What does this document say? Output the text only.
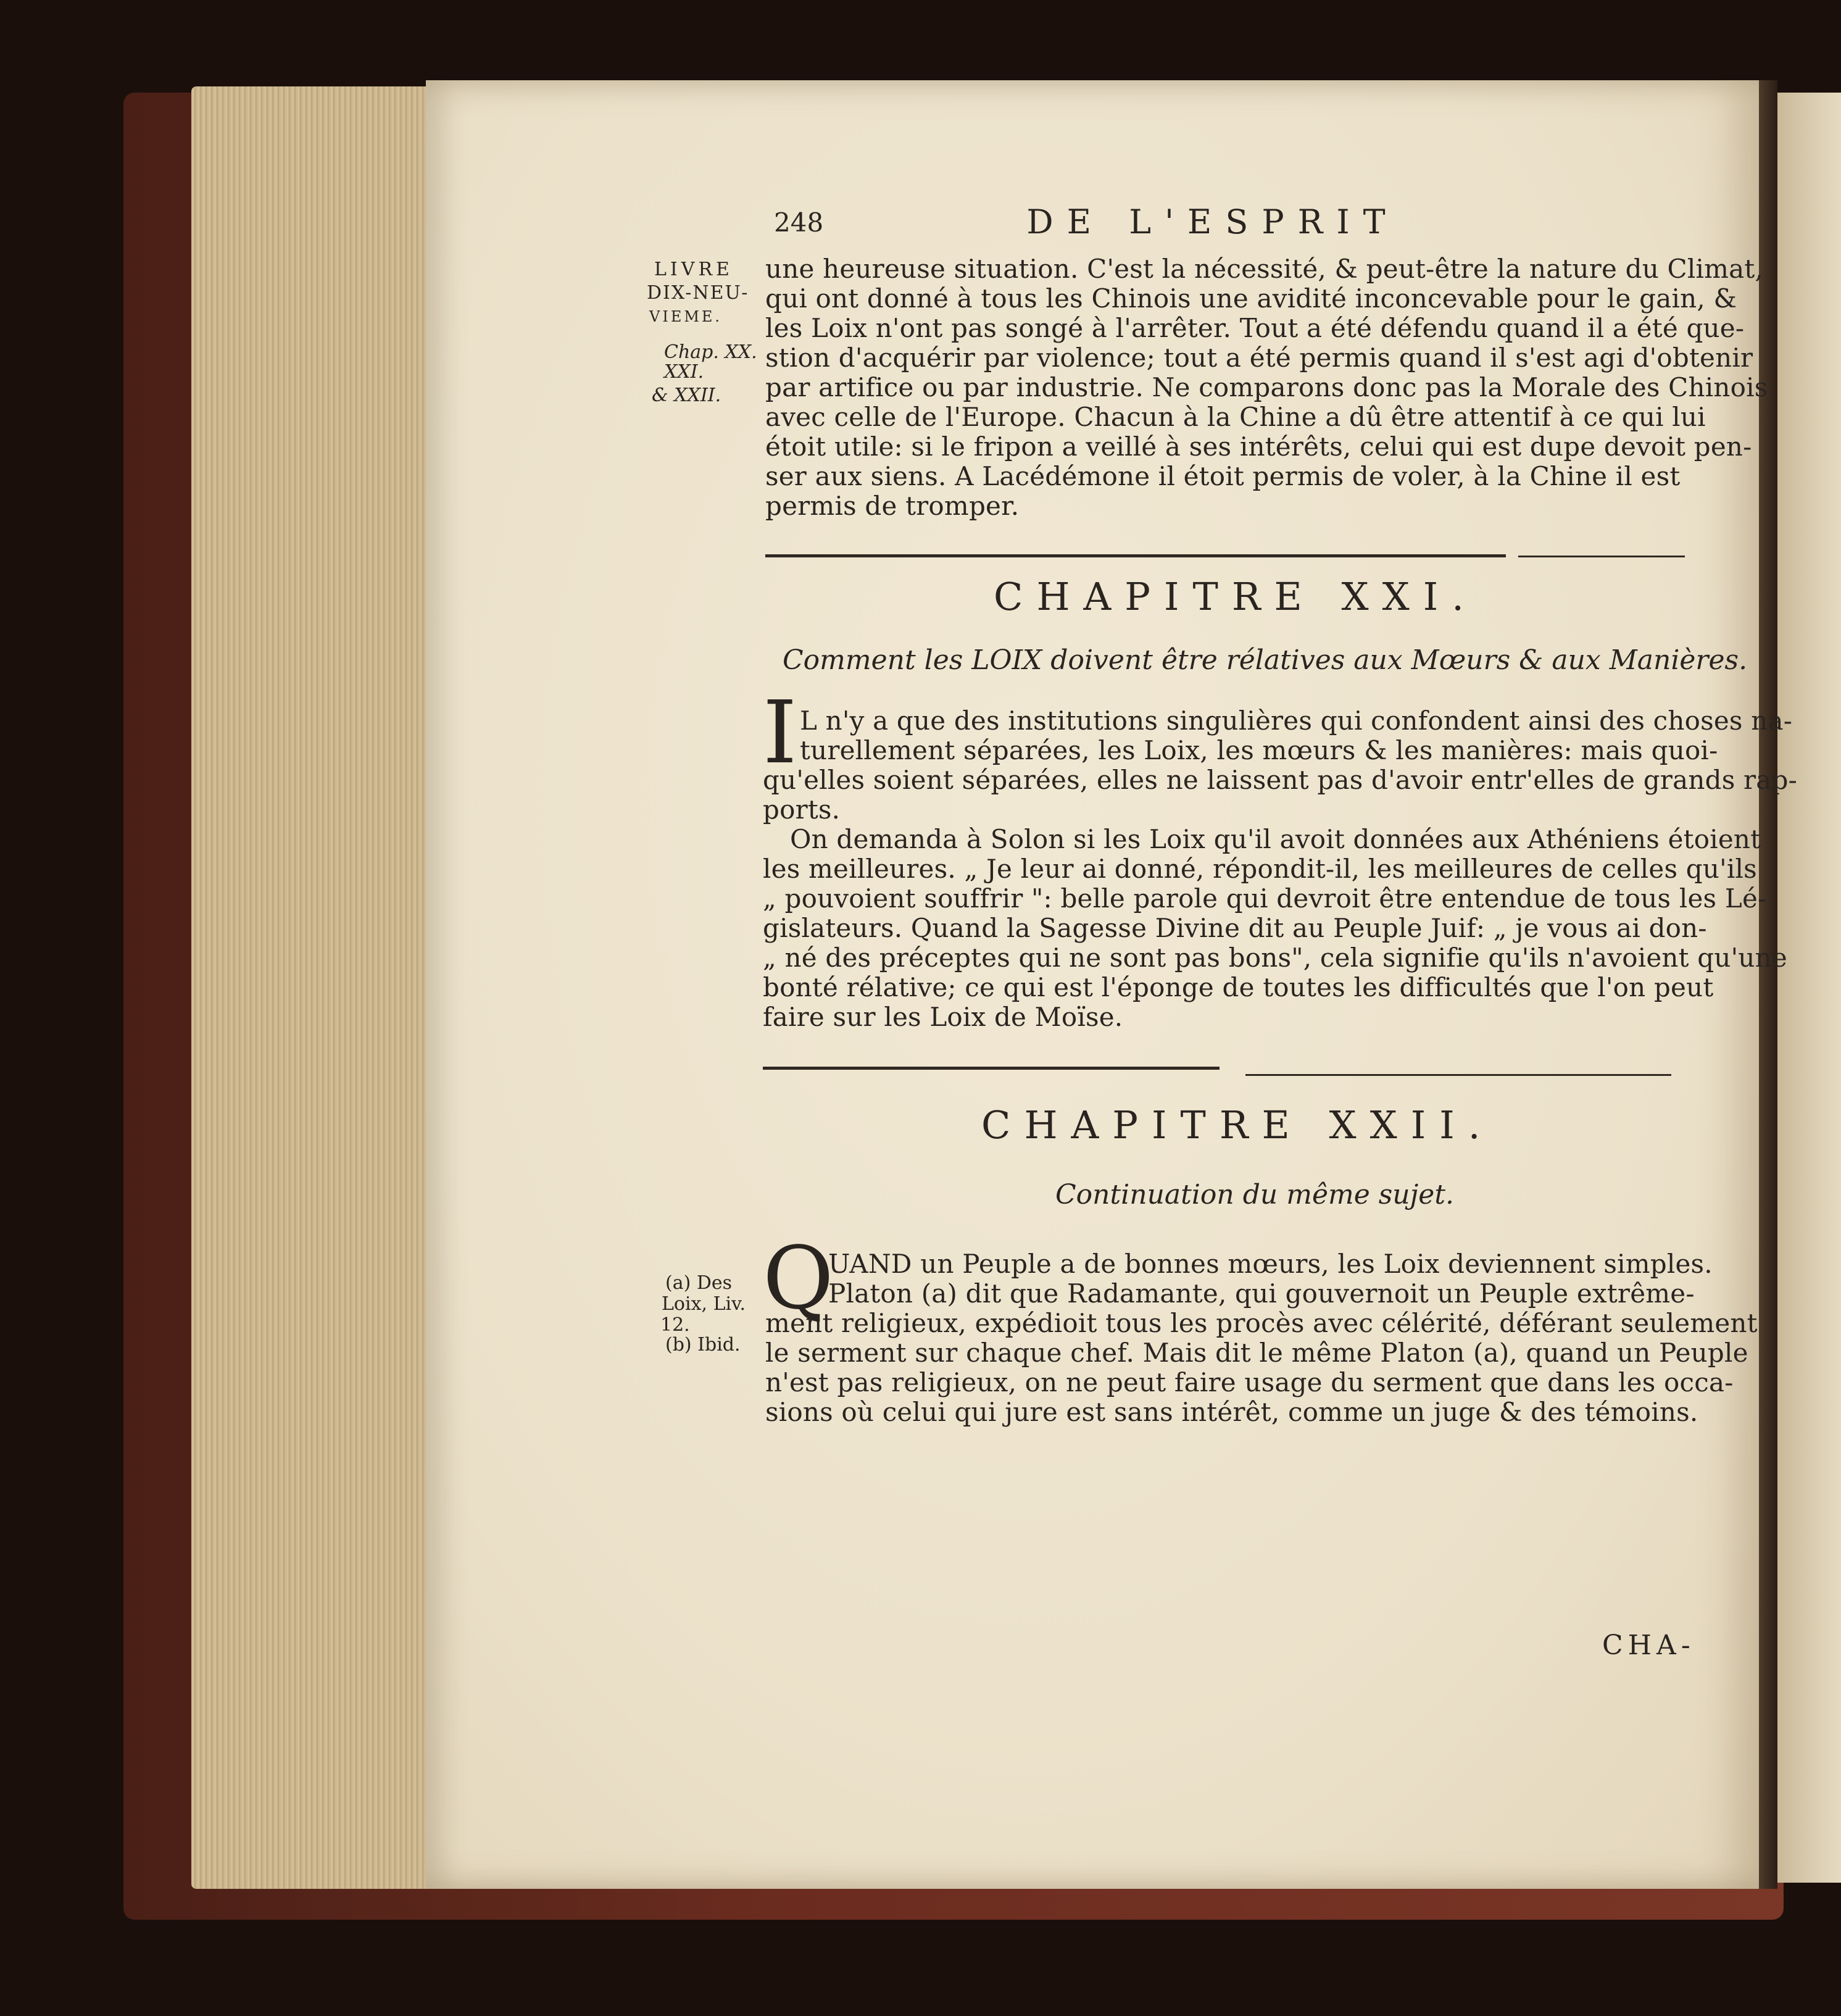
248	DE L'ESPRIT
LIVRE
DIX-NEU-
VIEME.
Chap. XX.
XXI.
& XXII.
une heureuse situation. C'est la nécessité, & peut-être la nature du Climat,
qui ont donné à tous les Chinois une avidité inconcevable pour le gain, &
les Loix n'ont pas songé à l'arrêter. Tout a été défendu quand il a été que-
stion d'acquérir par violence; tout a été permis quand il s'est agi d'obtenir
par artifice ou par industrie. Ne comparons donc pas la Morale des Chinois
avec celle de l'Europe. Chacun à la Chine a dû être attentif à ce qui lui
étoit utile: si le fripon a veillé à ses intérêts, celui qui est dupe devoit pen-
ser aux siens. A Lacédémone il étoit permis de voler, à la Chine il est
permis de tromper.
CHAPITRE XXI.
Comment les LOIX doivent être rélatives aux Mœurs & aux Manières.
I L n'y a que des institutions singulières qui confondent ainsi des choses na-
turellement séparées, les Loix, les mœurs & les manières: mais quoi-
qu'elles soient séparées, elles ne laissent pas d'avoir entr'elles de grands rap-
ports.
On demanda à Solon si les Loix qu'il avoit données aux Athéniens étoient
les meilleures. „ Je leur ai donné, répondit-il, les meilleures de celles qu'ils
„ pouvoient souffrir ": belle parole qui devroit être entendue de tous les Lé-
gislateurs. Quand la Sagesse Divine dit au Peuple Juif: „ je vous ai don-
„ né des préceptes qui ne sont pas bons", cela signifie qu'ils n'avoient qu'une
bonté rélative; ce qui est l'éponge de toutes les difficultés que l'on peut
faire sur les Loix de Moïse.
CHAPITRE XXII.
Continuation du même sujet.
Q
UAND un Peuple a de bonnes mœurs, les Loix deviennent simples.
Platon (a) dit que Radamante, qui gouvernoit un Peuple extrême-
ment religieux, expédioit tous les procès avec célérité, déférant seulement
le serment sur chaque chef. Mais dit le même Platon (a), quand un Peuple
n'est pas religieux, on ne peut faire usage du serment que dans les occa-
sions où celui qui jure est sans intérêt, comme un juge & des témoins.
(a) Des
Loix, Liv.
12.
(b) Ibid.
CHA-
